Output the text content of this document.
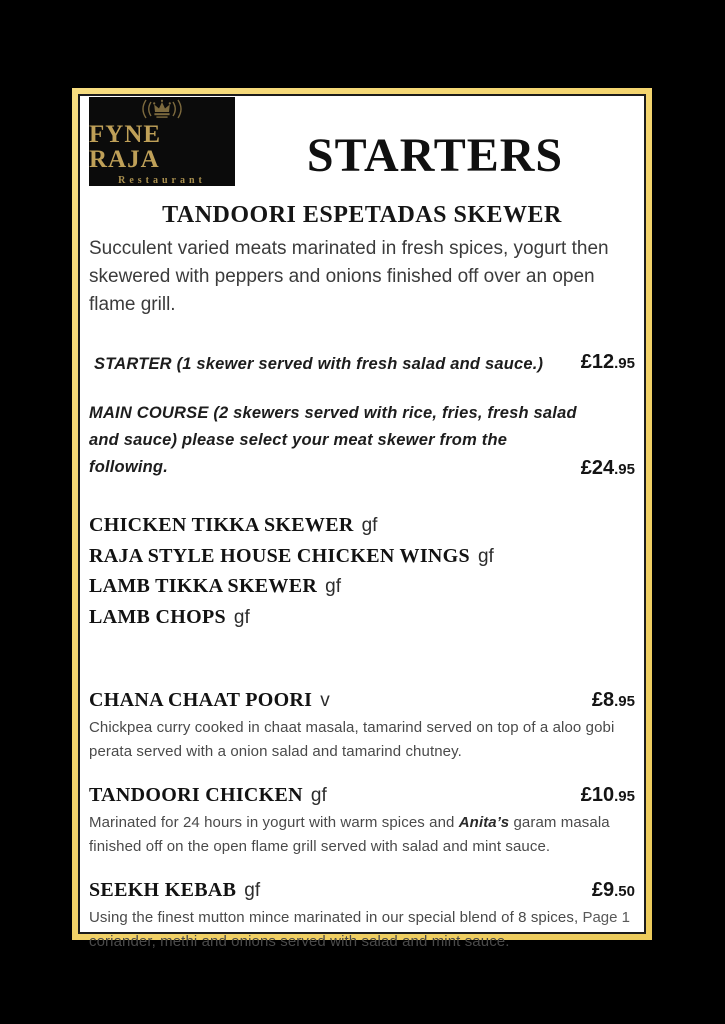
FYNE RAJA
Restaurant	STARTERS
TANDOORI ESPETADAS SKEWER
Succulent varied meats marinated in fresh spices, yogurt then skewered with peppers and onions finished off over an open flame grill.
STARTER (1 skewer served with fresh salad and sauce.) £12.95
MAIN COURSE (2 skewers served with rice, fries, fresh salad and sauce) please select your meat skewer from the following.	£24.95
CHICKEN TIKKA SKEWER gf
RAJA STYLE HOUSE CHICKEN WINGS gf
LAMB TIKKA SKEWER gf
LAMB CHOPS gf
CHANA CHAAT POORI v	£8.95
Chickpea curry cooked in chaat masala, tamarind served on top of a aloo gobi perata served with a onion salad and tamarind chutney.
TANDOORI CHICKEN gf	£10.95
Marinated for 24 hours in yogurt with warm spices and Anita’s garam masala finished off on the open flame grill served with salad and mint sauce.
SEEKH KEBAB gf	£9.50
Using the finest mutton mince marinated in our special blend of 8 spices, coriander, methi and onions served with salad and mint sauce.
Page 1
